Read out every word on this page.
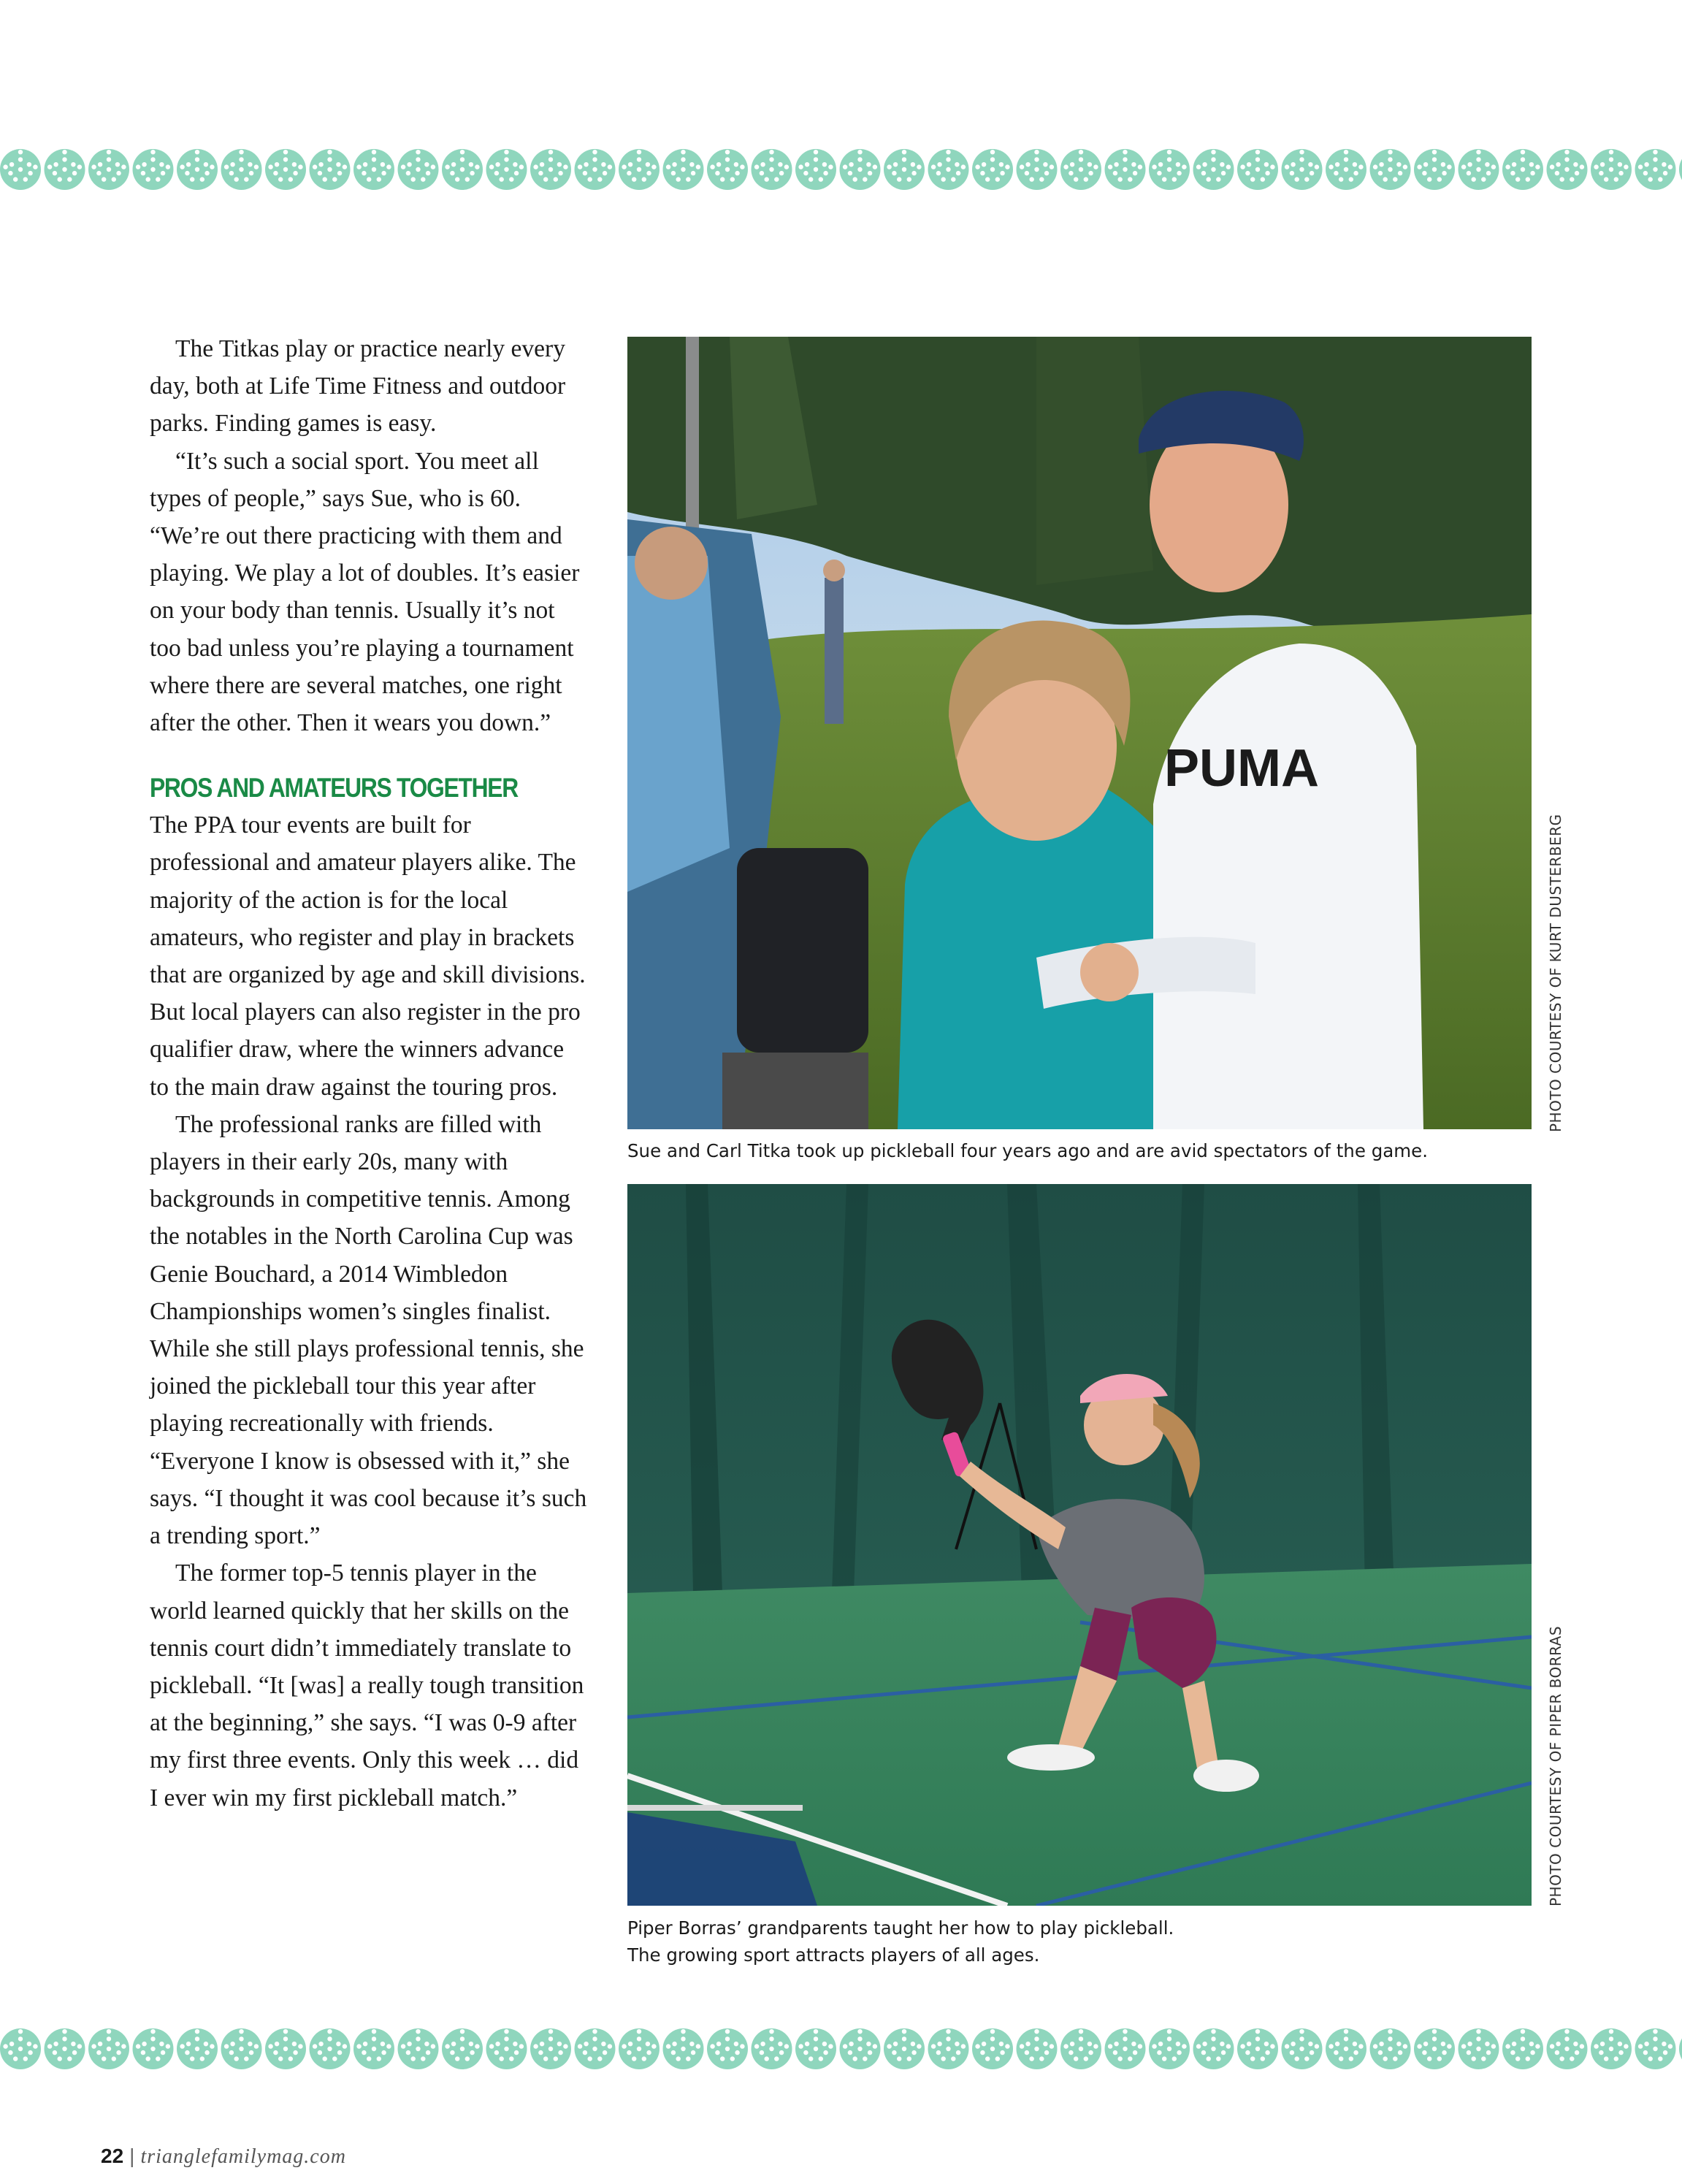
The Titkas play or practice nearly every day, both at Life Time Fitness and outdoor parks. Finding games is easy.

“It’s such a social sport. You meet all types of people,” says Sue, who is 60. “We’re out there practicing with them and playing. We play a lot of doubles. It’s easier on your body than tennis. Usually it’s not too bad unless you’re playing a tournament where there are several matches, one right after the other. Then it wears you down.”

PROS AND AMATEURS TOGETHER

The PPA tour events are built for professional and amateur players alike. The majority of the action is for the local amateurs, who register and play in brackets that are organized by age and skill divisions. But local players can also register in the pro qualifier draw, where the winners advance to the main draw against the touring pros.

The professional ranks are filled with players in their early 20s, many with backgrounds in competitive tennis. Among the notables in the North Carolina Cup was Genie Bouchard, a 2014 Wimbledon Championships women’s singles finalist. While she still plays professional tennis, she joined the pickleball tour this year after playing recreationally with friends. “Everyone I know is obsessed with it,” she says. “I thought it was cool because it’s such a trending sport.”

The former top-5 tennis player in the world learned quickly that her skills on the tennis court didn’t immediately translate to pickleball. “It [was] a really tough transition at the beginning,” she says. “I was 0-9 after my first three events. Only this week … did I ever win my first pickleball match.”

PUMA
Sue and Carl Titka took up pickleball four years ago and are avid spectators of the game.
PHOTO COURTESY OF KURT DUSTERBERG
Piper Borras’ grandparents taught her how to play pickleball.
The growing sport attracts players of all ages.
PHOTO COURTESY OF PIPER BORRAS
22 | trianglefamilymag.com
